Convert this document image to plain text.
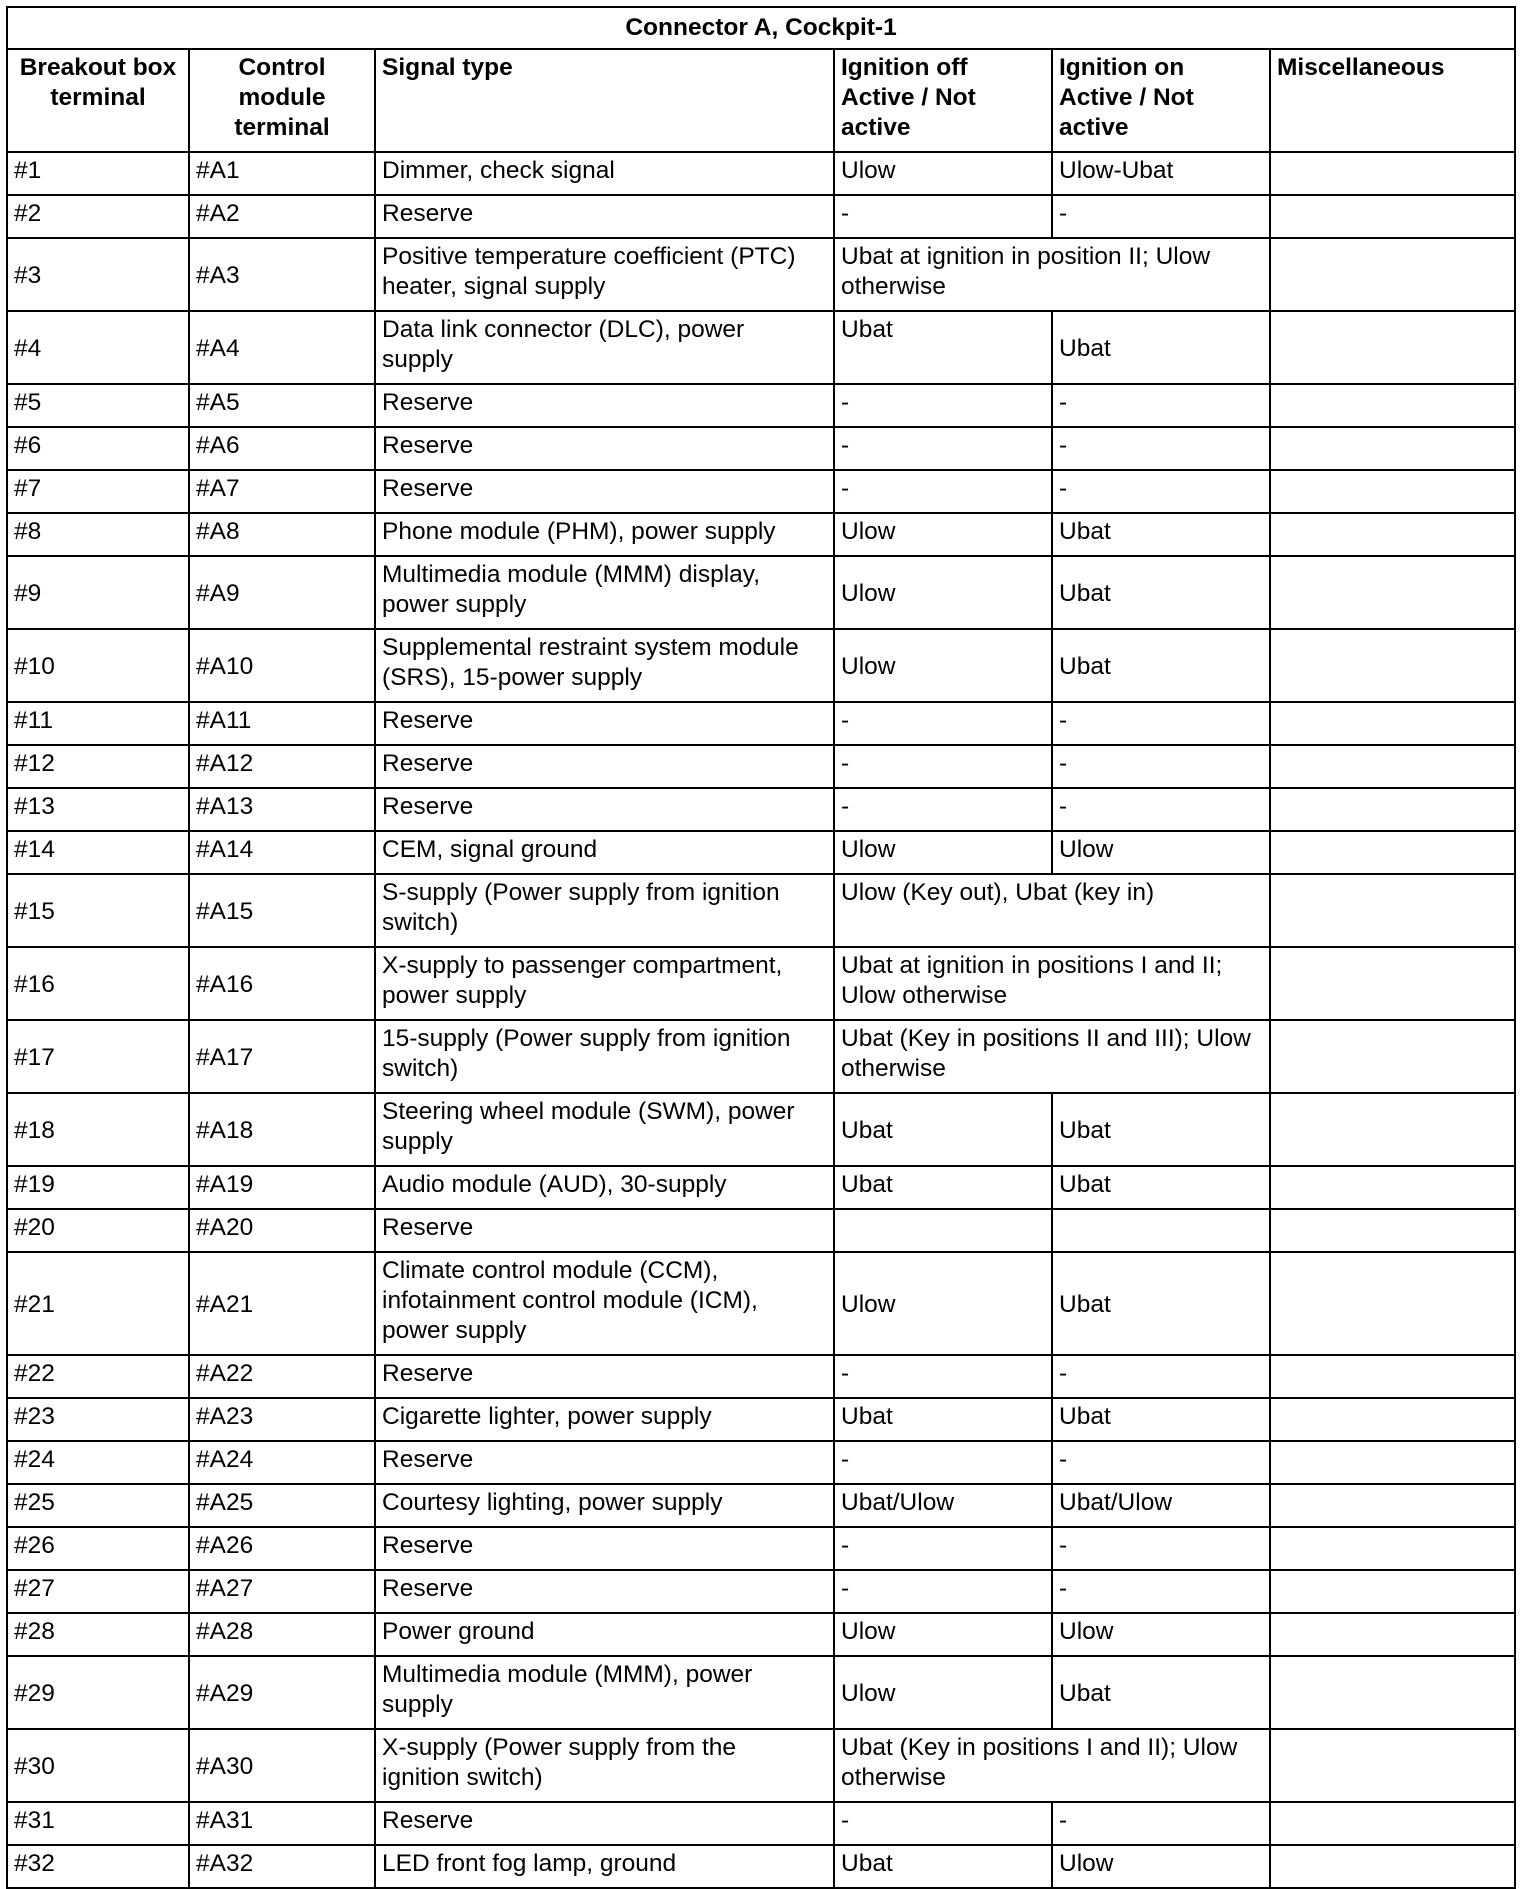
Connector A, Cockpit-1					
Breakout box
terminal	Control
module
terminal	Signal type	Ignition off
Active / Not
active	Ignition on
Active / Not
active	Miscellaneous
#1	#A1	Dimmer, check signal	Ulow	Ulow-Ubat	
#2	#A2	Reserve	-	-	
#3	#A3	Positive temperature coefficient (PTC)
heater, signal supply	Ubat at ignition in position II; Ulow
otherwise		
#4	#A4	Data link connector (DLC), power
supply	Ubat	Ubat	
#5	#A5	Reserve	-	-	
#6	#A6	Reserve	-	-	
#7	#A7	Reserve	-	-	
#8	#A8	Phone module (PHM), power supply	Ulow	Ubat	
#9	#A9	Multimedia module (MMM) display,
power supply	Ulow	Ubat	
#10	#A10	Supplemental restraint system module
(SRS), 15-power supply	Ulow	Ubat	
#11	#A11	Reserve	-	-	
#12	#A12	Reserve	-	-	
#13	#A13	Reserve	-	-	
#14	#A14	CEM, signal ground	Ulow	Ulow	
#15	#A15	S-supply (Power supply from ignition
switch)	Ulow (Key out), Ubat (key in)		
#16	#A16	X-supply to passenger compartment,
power supply	Ubat at ignition in positions I and II;
Ulow otherwise		
#17	#A17	15-supply (Power supply from ignition
switch)	Ubat (Key in positions II and III); Ulow
otherwise		
#18	#A18	Steering wheel module (SWM), power
supply	Ubat	Ubat	
#19	#A19	Audio module (AUD), 30-supply	Ubat	Ubat	
#20	#A20	Reserve			
#21	#A21	Climate control module (CCM),
infotainment control module (ICM),
power supply	Ulow	Ubat	
#22	#A22	Reserve	-	-	
#23	#A23	Cigarette lighter, power supply	Ubat	Ubat	
#24	#A24	Reserve	-	-	
#25	#A25	Courtesy lighting, power supply	Ubat/Ulow	Ubat/Ulow	
#26	#A26	Reserve	-	-	
#27	#A27	Reserve	-	-	
#28	#A28	Power ground	Ulow	Ulow	
#29	#A29	Multimedia module (MMM), power
supply	Ulow	Ubat	
#30	#A30	X-supply (Power supply from the
ignition switch)	Ubat (Key in positions I and II); Ulow
otherwise		
#31	#A31	Reserve	-	-	
#32	#A32	LED front fog lamp, ground	Ubat	Ulow	
